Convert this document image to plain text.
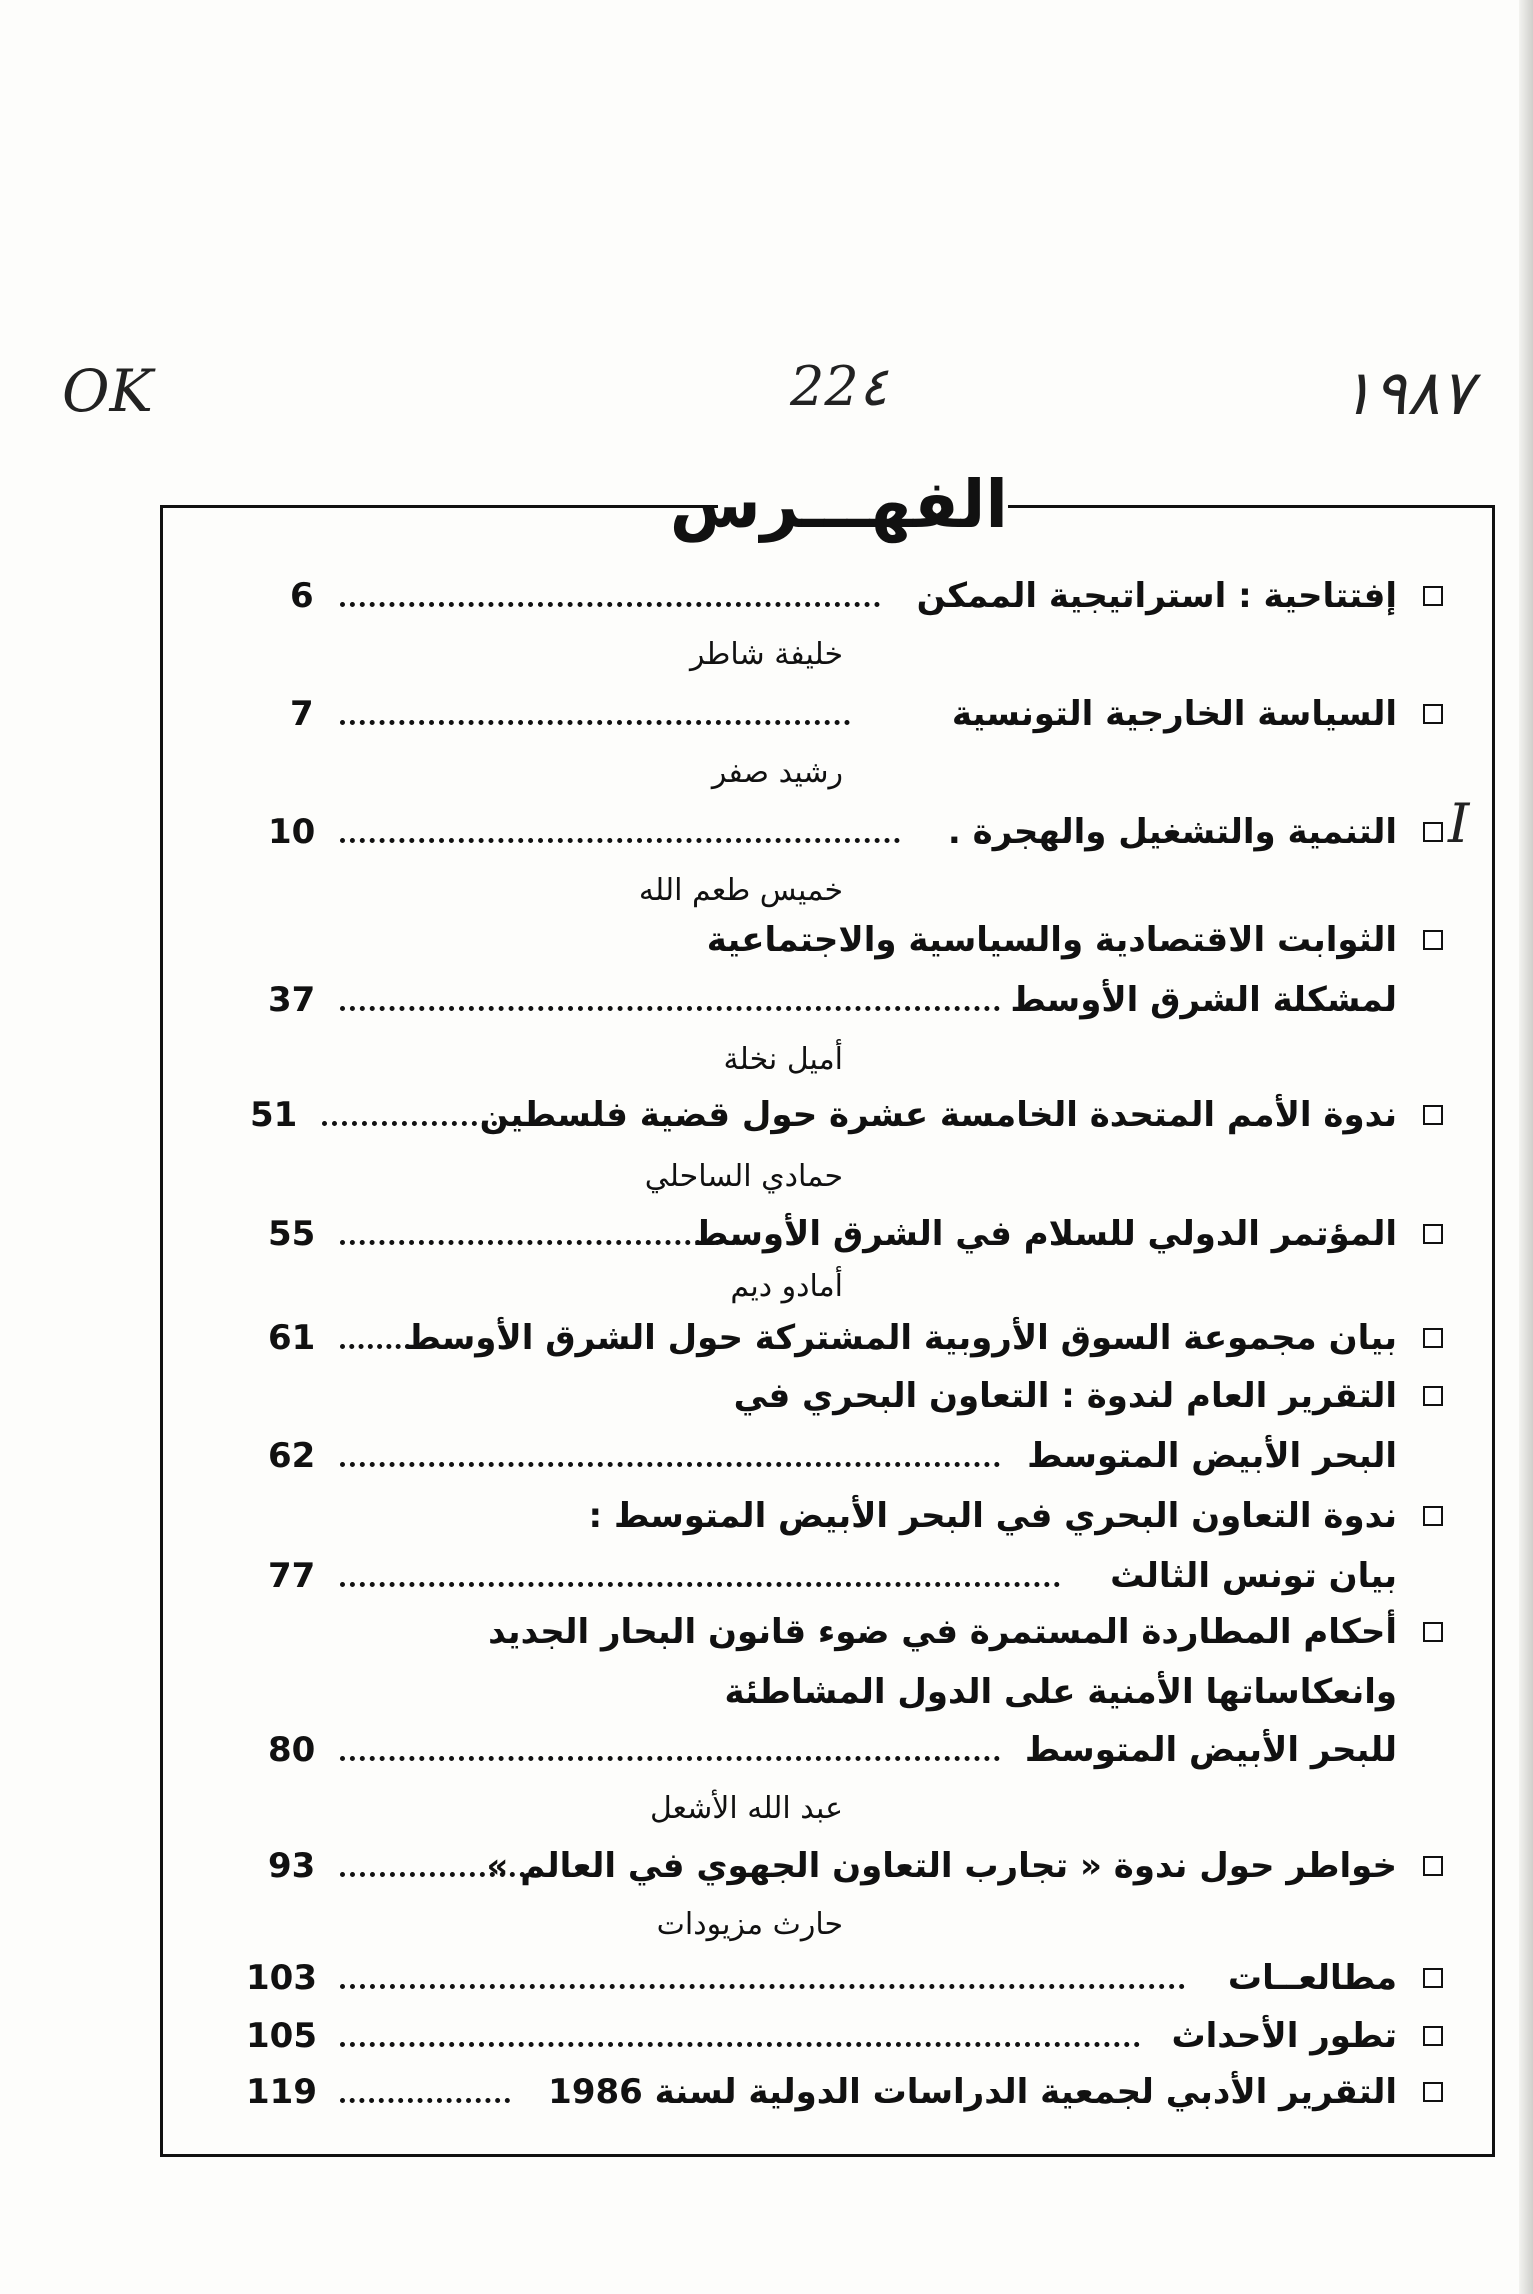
OK	22٤	١٩٨٧
I
الفهـــرس
إفتتاحية : استراتيجية الممكن
6
خليفة شاطر
السياسة الخارجية التونسية
7
رشيد صفر
التنمية والتشغيل والهجرة .
10
خميس طعم الله
الثوابت الاقتصادية والسياسية والاجتماعية
لمشكلة الشرق الأوسط
37
أميل نخلة
ندوة الأمم المتحدة الخامسة عشرة حول قضية فلسطين
51
حمادي الساحلي
المؤتمر الدولي للسلام في الشرق الأوسط
55
أمادو ديم
بيان مجموعة السوق الأروبية المشتركة حول الشرق الأوسط
61
التقرير العام لندوة : التعاون البحري في
البحر الأبيض المتوسط
62
ندوة التعاون البحري في البحر الأبيض المتوسط :
بيان تونس الثالث
77
أحكام المطاردة المستمرة في ضوء قانون البحار الجديد
وانعكاساتها الأمنية على الدول المشاطئة
للبحر الأبيض المتوسط
80
عبد الله الأشعل
خواطر حول ندوة « تجارب التعاون الجهوي في العالم »
93
حارث مزيودات
مطالعــات
103
تطور الأحداث
105
التقرير الأدبي لجمعية الدراسات الدولية لسنة 1986
119
